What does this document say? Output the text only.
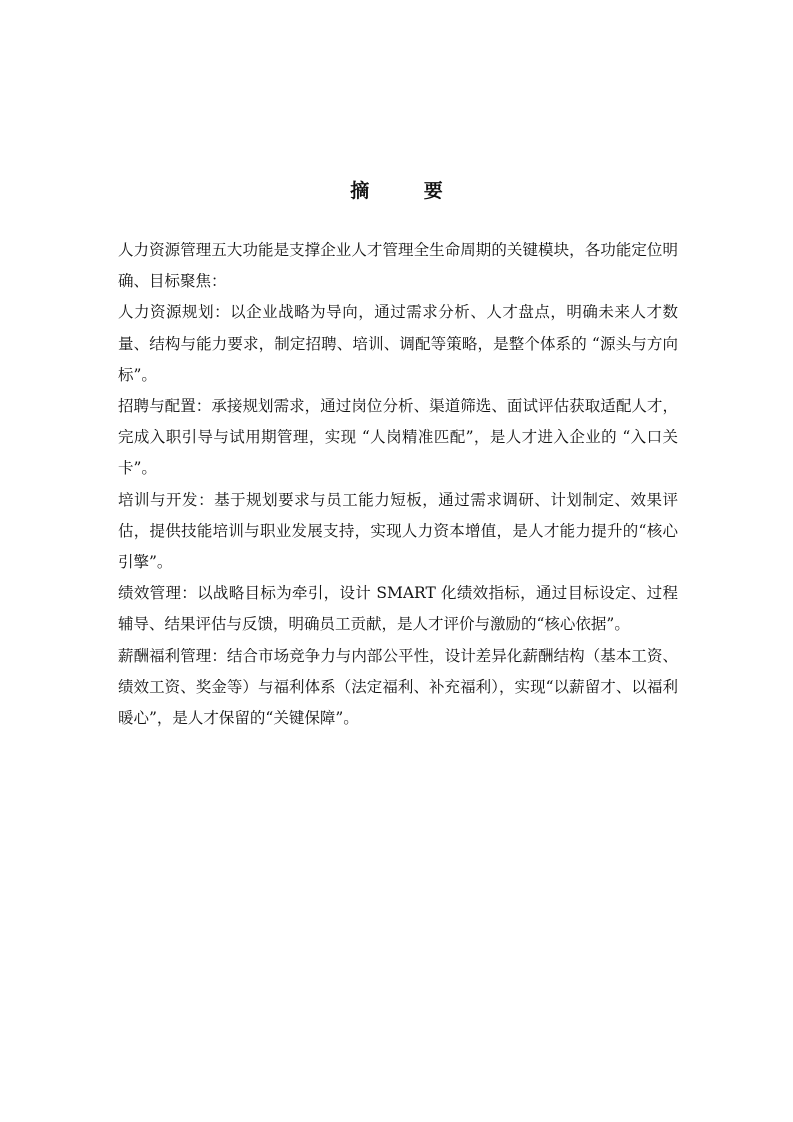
摘 要

人力资源管理五大功能是支撑企业人才管理全生命周期的关键模块，各功能定位明确、目标聚焦：

人力资源规划：以企业战略为导向，通过需求分析、人才盘点，明确未来人才数量、结构与能力要求，制定招聘、培训、调配等策略，是整个体系的 “源头与方向标”。

招聘与配置：承接规划需求，通过岗位分析、渠道筛选、面试评估获取适配人才，完成入职引导与试用期管理，实现 “人岗精准匹配”，是人才进入企业的 “入口关卡”。

培训与开发：基于规划要求与员工能力短板，通过需求调研、计划制定、效果评估，提供技能培训与职业发展支持，实现人力资本增值，是人才能力提升的“核心引擎”。

绩效管理：以战略目标为牵引，设计 SMART 化绩效指标，通过目标设定、过程辅导、结果评估与反馈，明确员工贡献，是人才评价与激励的“核心依据”。

薪酬福利管理：结合市场竞争力与内部公平性，设计差异化薪酬结构（基本工资、绩效工资、奖金等）与福利体系（法定福利、补充福利），实现“以薪留才、以福利暖心”，是人才保留的“关键保障”。
